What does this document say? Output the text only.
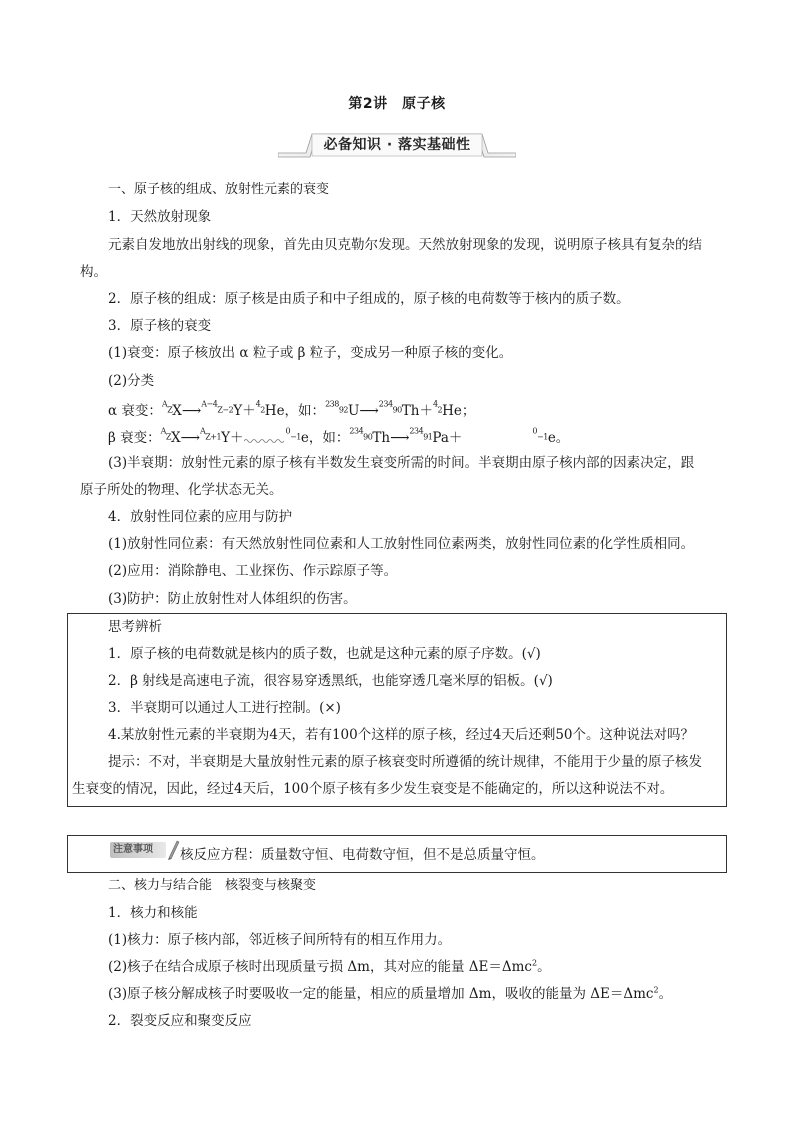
第2讲　原子核
必备知识 · 落实基础性
一、原子核的组成、放射性元素的衰变
1．天然放射现象
元素自发地放出射线的现象，首先由贝克勒尔发现。天然放射现象的发现，说明原子核具有复杂的结
构。
2．原子核的组成：原子核是由质子和中子组成的，原子核的电荷数等于核内的质子数。
3．原子核的衰变
(1)衰变：原子核放出 α 粒子或 β 粒子，变成另一种原子核的变化。
(2)分类
α 衰变：$^{^A_Z}$X⟶$^{^{A-4}_{Z-2}}$Y＋$^{^4_2}$He，如：$^{^{238}_{92}}$U⟶$^{^{234}_{90}}$Th＋$^{^4_2}$He；
β 衰变：$^{^A_Z}$X⟶$^{^A_{Z+1}}$Y＋	$^{^0_{-1}}$e，如：$^{^{234}_{90}}$Th⟶$^{^{234}_{91}}$Pa＋	$^{^0_{-1}}$e。
(3)半衰期：放射性元素的原子核有半数发生衰变所需的时间。半衰期由原子核内部的因素决定，跟
原子所处的物理、化学状态无关。
4．放射性同位素的应用与防护
(1)放射性同位素：有天然放射性同位素和人工放射性同位素两类，放射性同位素的化学性质相同。
(2)应用：消除静电、工业探伤、作示踪原子等。
(3)防护：防止放射性对人体组织的伤害。
思考辨析
1．原子核的电荷数就是核内的质子数，也就是这种元素的原子序数。(√)
2．β 射线是高速电子流，很容易穿透黑纸，也能穿透几毫米厚的铝板。(√)
3．半衰期可以通过人工进行控制。(×)
4.某放射性元素的半衰期为4天，若有100个这样的原子核，经过4天后还剩50个。这种说法对吗？
提示：不对，半衰期是大量放射性元素的原子核衰变时所遵循的统计规律，不能用于少量的原子核发
生衰变的情况，因此，经过4天后，100个原子核有多少发生衰变是不能确定的，所以这种说法不对。
注意事项	核反应方程：质量数守恒、电荷数守恒，但不是总质量守恒。
二、核力与结合能　核裂变与核聚变
1．核力和核能
(1)核力：原子核内部，邻近核子间所特有的相互作用力。
(2)核子在结合成原子核时出现质量亏损 Δm，其对应的能量 ΔE＝Δmc$^2$。
(3)原子核分解成核子时要吸收一定的能量，相应的质量增加 Δm，吸收的能量为 ΔE＝Δmc$^2$。
2．裂变反应和聚变反应
